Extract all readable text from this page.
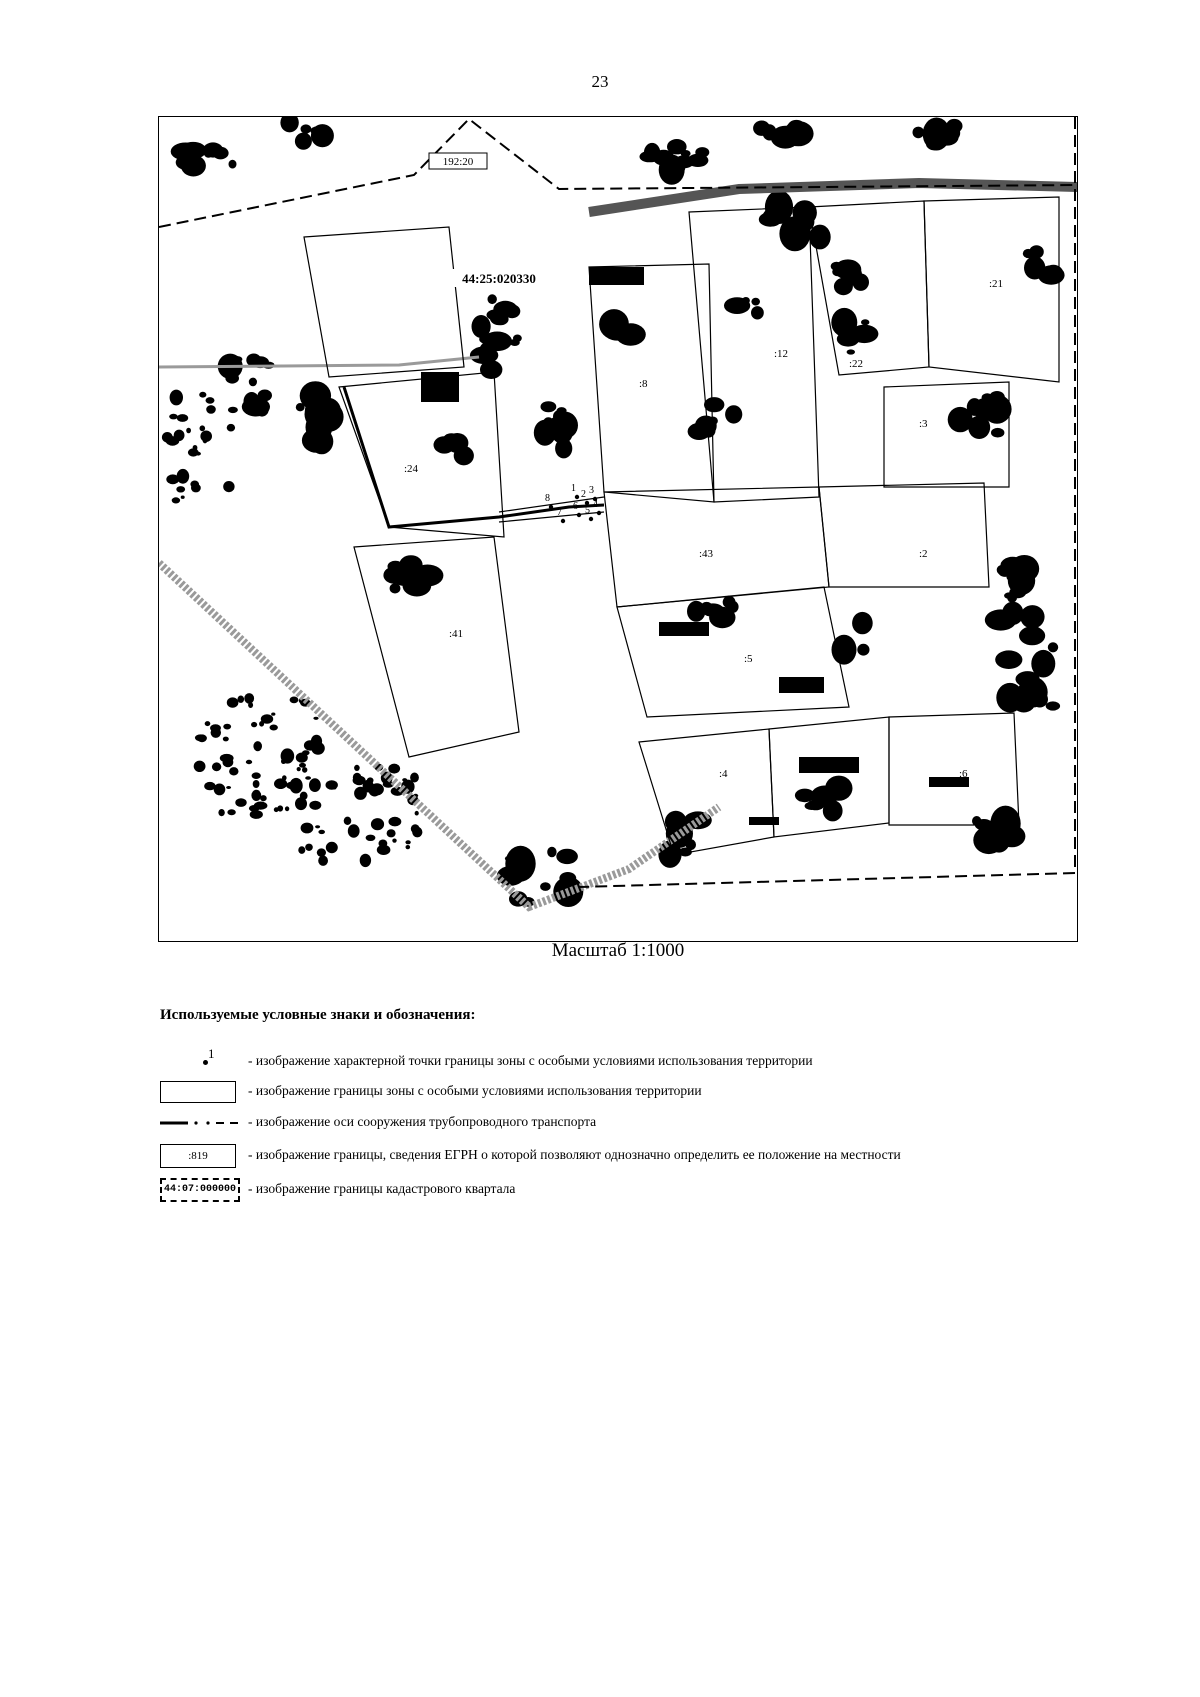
23
:8
:12
:22
:21
:24
:43
:3
:2
:4
:5
:6
:41
1
2 3
4
5
6
7
8
192:20
44:25:020330
Масштаб 1:1000
Используемые условные знаки и обозначения:
1 - изображение характерной точки границы зоны с особыми условиями использования территории
- изображение границы зоны с особыми условиями использования территории
- изображение оси сооружения трубопроводного транспорта
:819	- изображение границы, сведения ЕГРН о которой позволяют однозначно определить ее положение на местности
44:07:000000 - изображение границы кадастрового квартала
